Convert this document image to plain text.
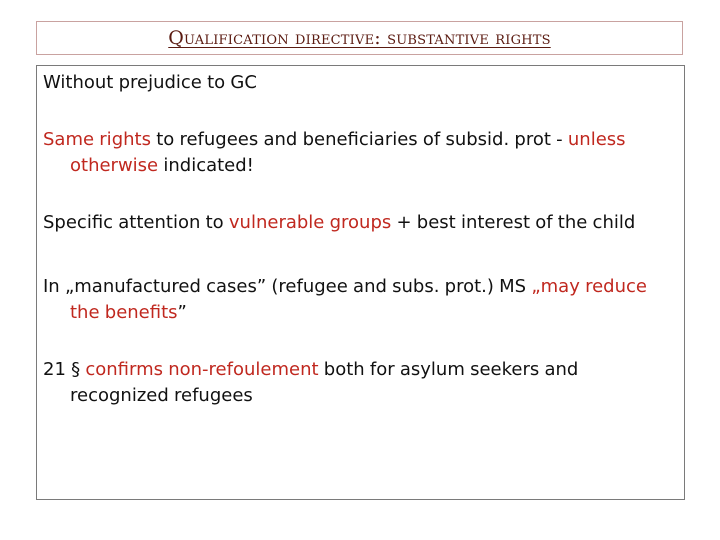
Qualification directive: substantive rights

Without prejudice to GC

Same rights to refugees and beneficiaries of subsid. prot - unless otherwise indicated!

Specific attention to vulnerable groups + best interest of the child

In „manufactured cases” (refugee and subs. prot.) MS „may reduce the benefits”

21 § confirms non-refoulement both for asylum seekers and recognized refugees
